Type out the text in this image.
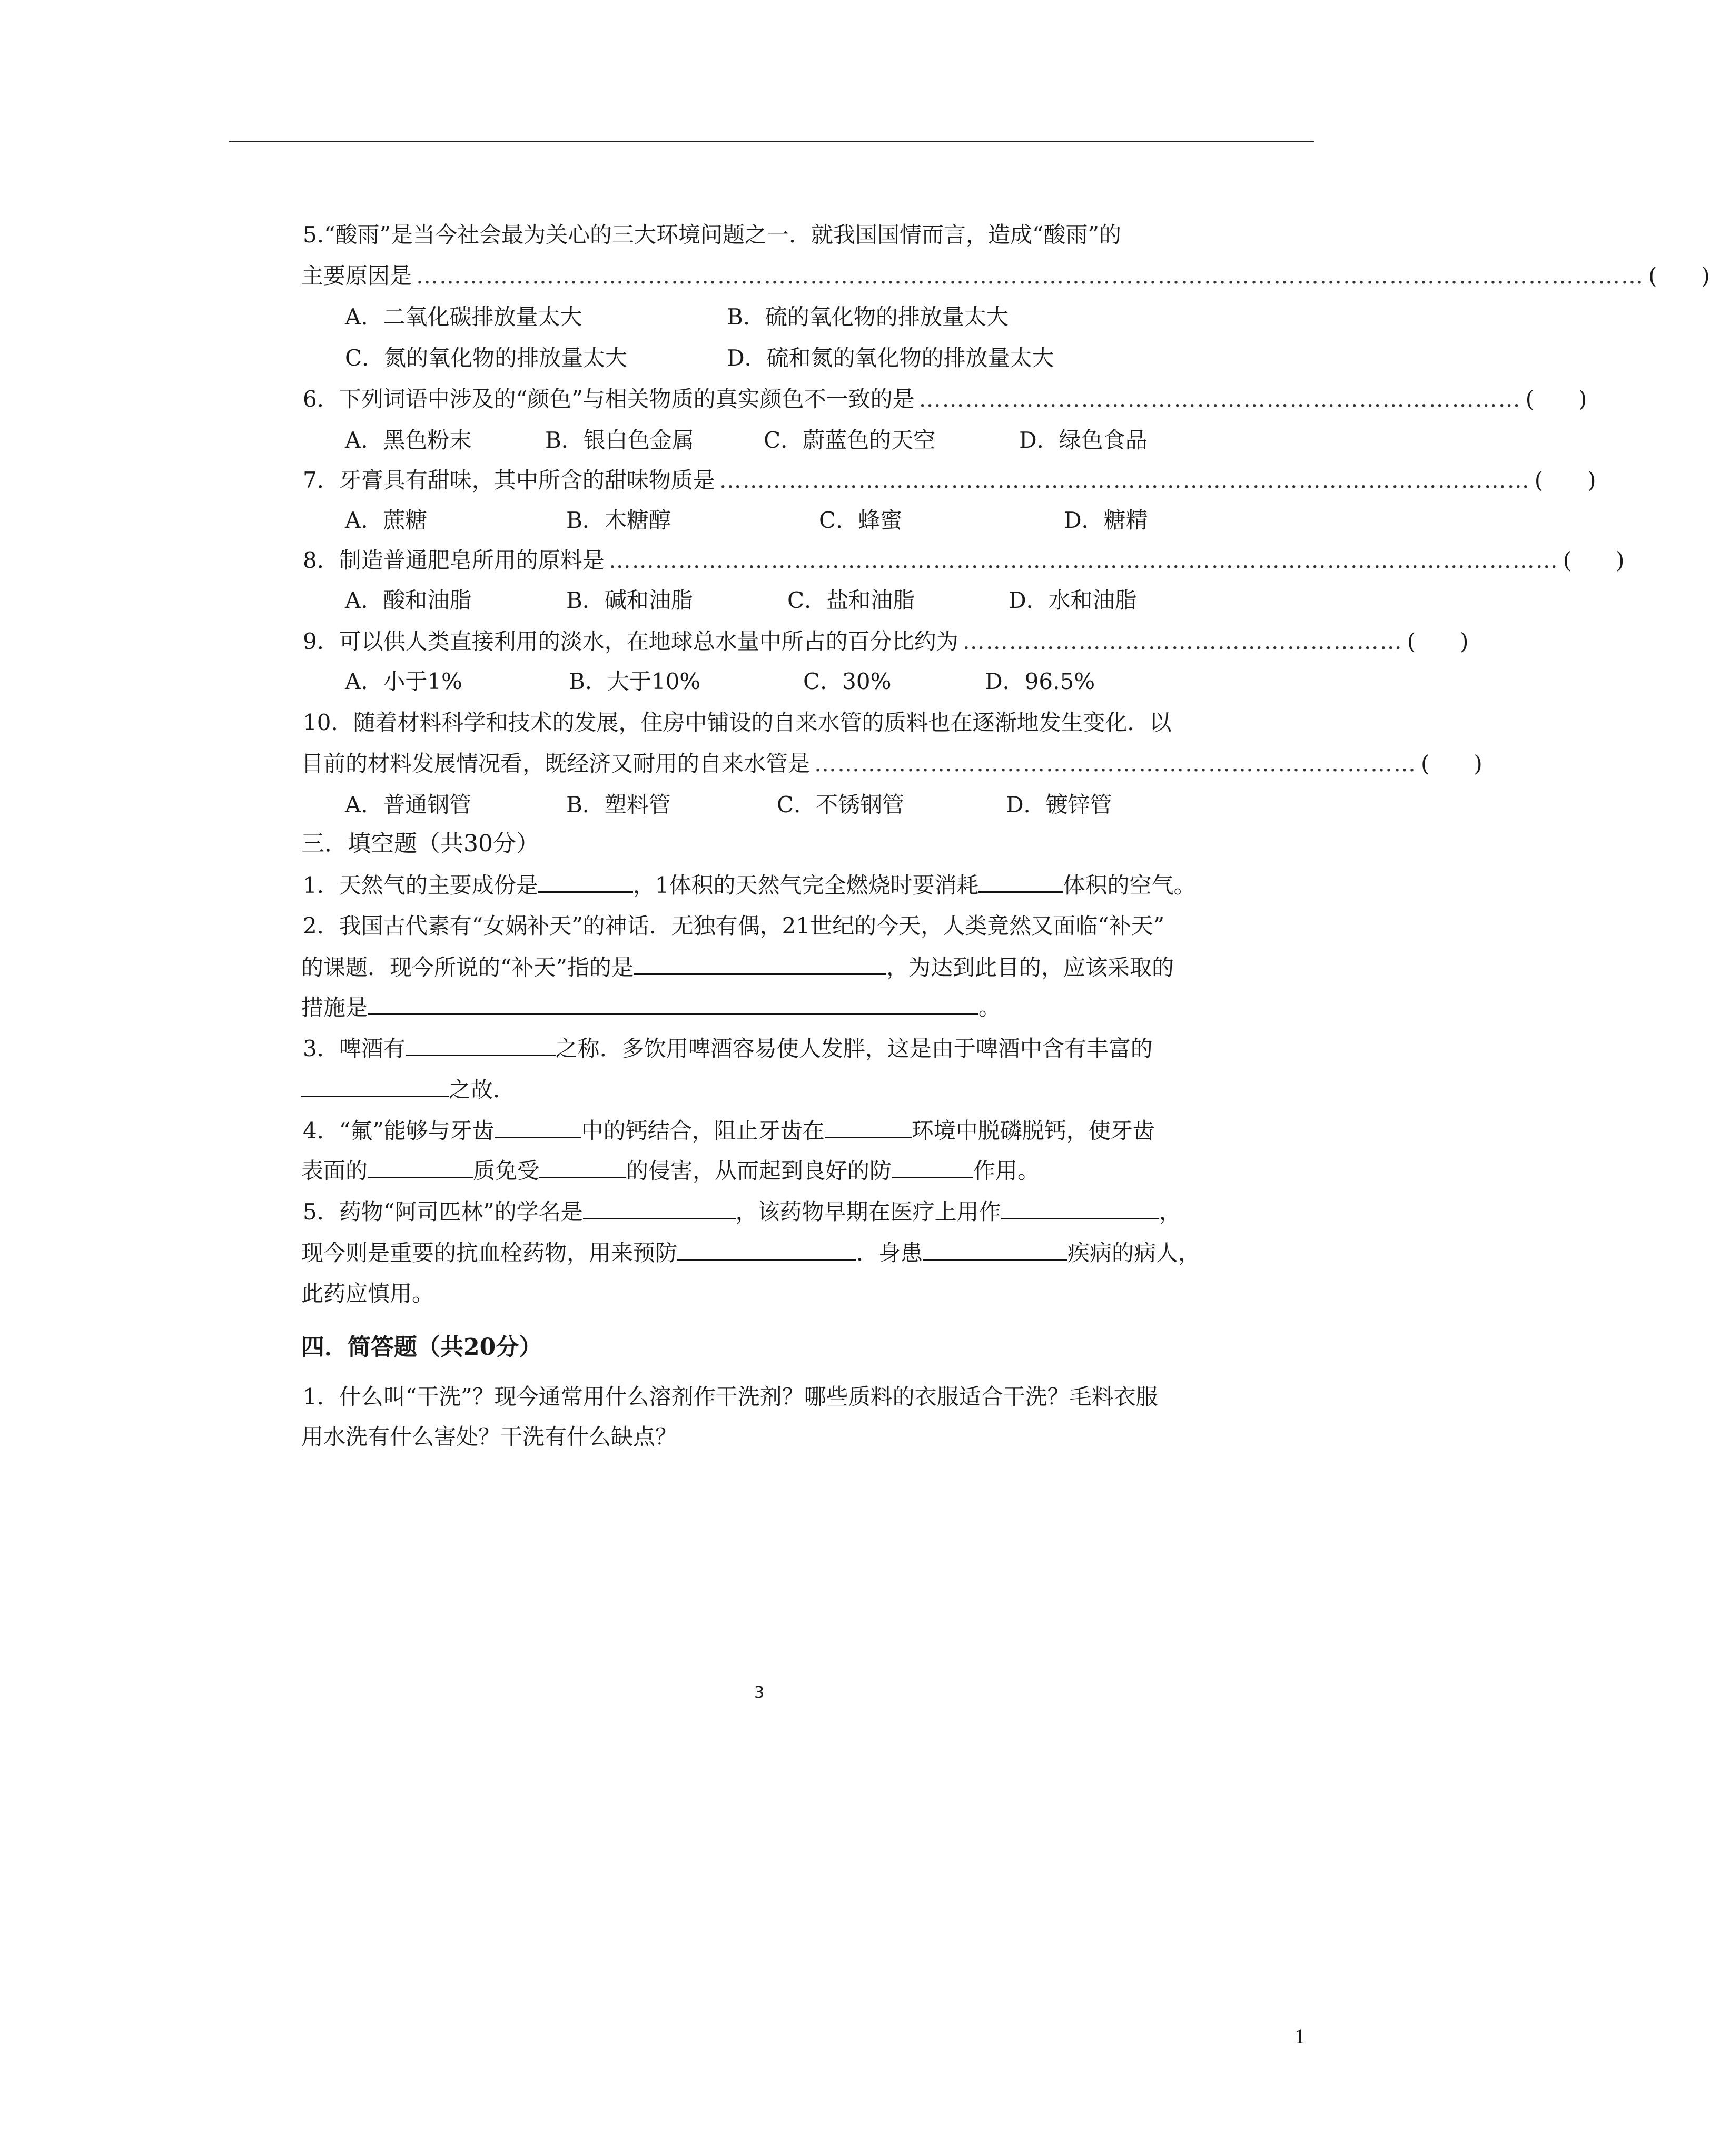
5.“酸雨”是当今社会最为关心的三大环境问题之一．就我国国情而言，造成“酸雨”的
主要原因是 …………………………………………………………………………………………………………………………………………… (　　)
A．二氧化碳排放量太大	B．硫的氧化物的排放量太大
C．氮的氧化物的排放量太大	D．硫和氮的氧化物的排放量太大
6．下列词语中涉及的“颜色”与相关物质的真实颜色不一致的是 …………………………………………………………………… (　　)
A．黑色粉末	B．银白色金属	C．蔚蓝色的天空	D．绿色食品
7．牙膏具有甜味，其中所含的甜味物质是 …………………………………………………………………………………………… (　　)
A．蔗糖	B．木糖醇	C．蜂蜜	D．糖精
8．制造普通肥皂所用的原料是 …………………………………………………………………………………………………………… (　　)
A．酸和油脂	B．碱和油脂	C．盐和油脂	D．水和油脂
9．可以供人类直接利用的淡水，在地球总水量中所占的百分比约为 ………………………………………………… (　　)
A．小于1%	B．大于10%	C．30%	D．96.5%
10．随着材料科学和技术的发展，住房中铺设的自来水管的质料也在逐渐地发生变化．以
目前的材料发展情况看，既经济又耐用的自来水管是 …………………………………………………………………… (　　)
A．普通钢管	B．塑料管	C．不锈钢管	D．镀锌管
三．填空题（共30分）
1．天然气的主要成份是	，1体积的天然气完全燃烧时要消耗	体积的空气。
2．我国古代素有“女娲补天”的神话．无独有偶，21世纪的今天，人类竟然又面临“补天”
的课题．现今所说的“补天”指的是	，为达到此目的，应该采取的
措施是	。
3．啤酒有	之称．多饮用啤酒容易使人发胖，这是由于啤酒中含有丰富的
之故．
4．“氟”能够与牙齿	中的钙结合，阻止牙齿在	环境中脱磷脱钙，使牙齿
表面的	质免受	的侵害，从而起到良好的防	作用。
5．药物“阿司匹林”的学名是	，该药物早期在医疗上用作	，
现今则是重要的抗血栓药物，用来预防	．身患	疾病的病人，
此药应慎用。
四．简答题（共20分）
1．什么叫“干洗”？现今通常用什么溶剂作干洗剂？哪些质料的衣服适合干洗？毛料衣服
用水洗有什么害处？干洗有什么缺点？
3
1
